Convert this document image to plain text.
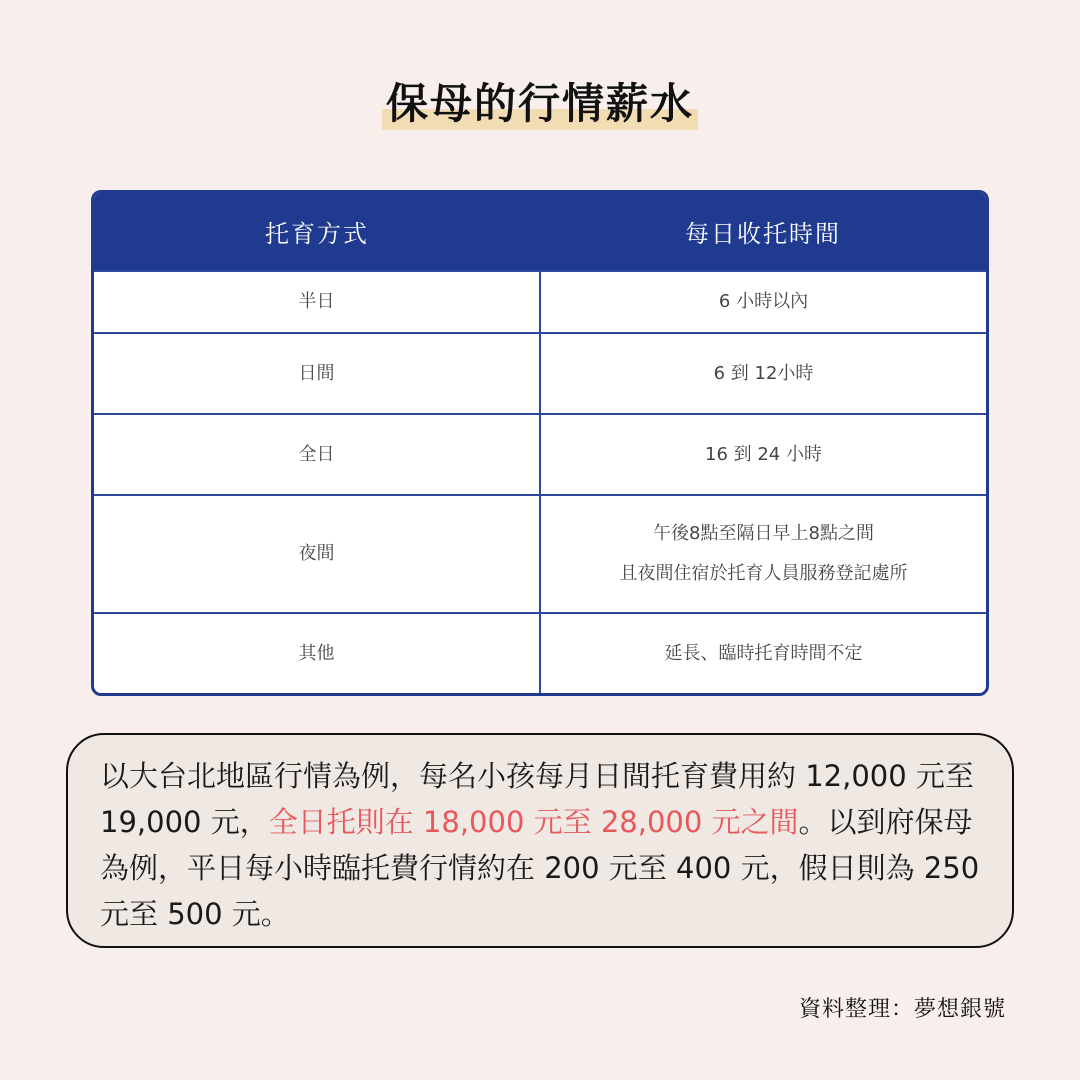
保母的行情薪水
托育方式	每日收托時間
半日	6 小時以內

日間	6 到 12小時

全日	16 到 24 小時

夜間	午後8點至隔日早上8點之間
且夜間住宿於托育人員服務登記處所

其他	延長、臨時托育時間不定
以大台北地區行情為例，每名小孩每月日間托育費用約 12,000 元至 19,000 元，全日托則在 18,000 元至 28,000 元之間。以到府保母為例，平日每小時臨托費行情約在 200 元至 400 元，假日則為 250 元至 500 元。
資料整理：夢想銀號
